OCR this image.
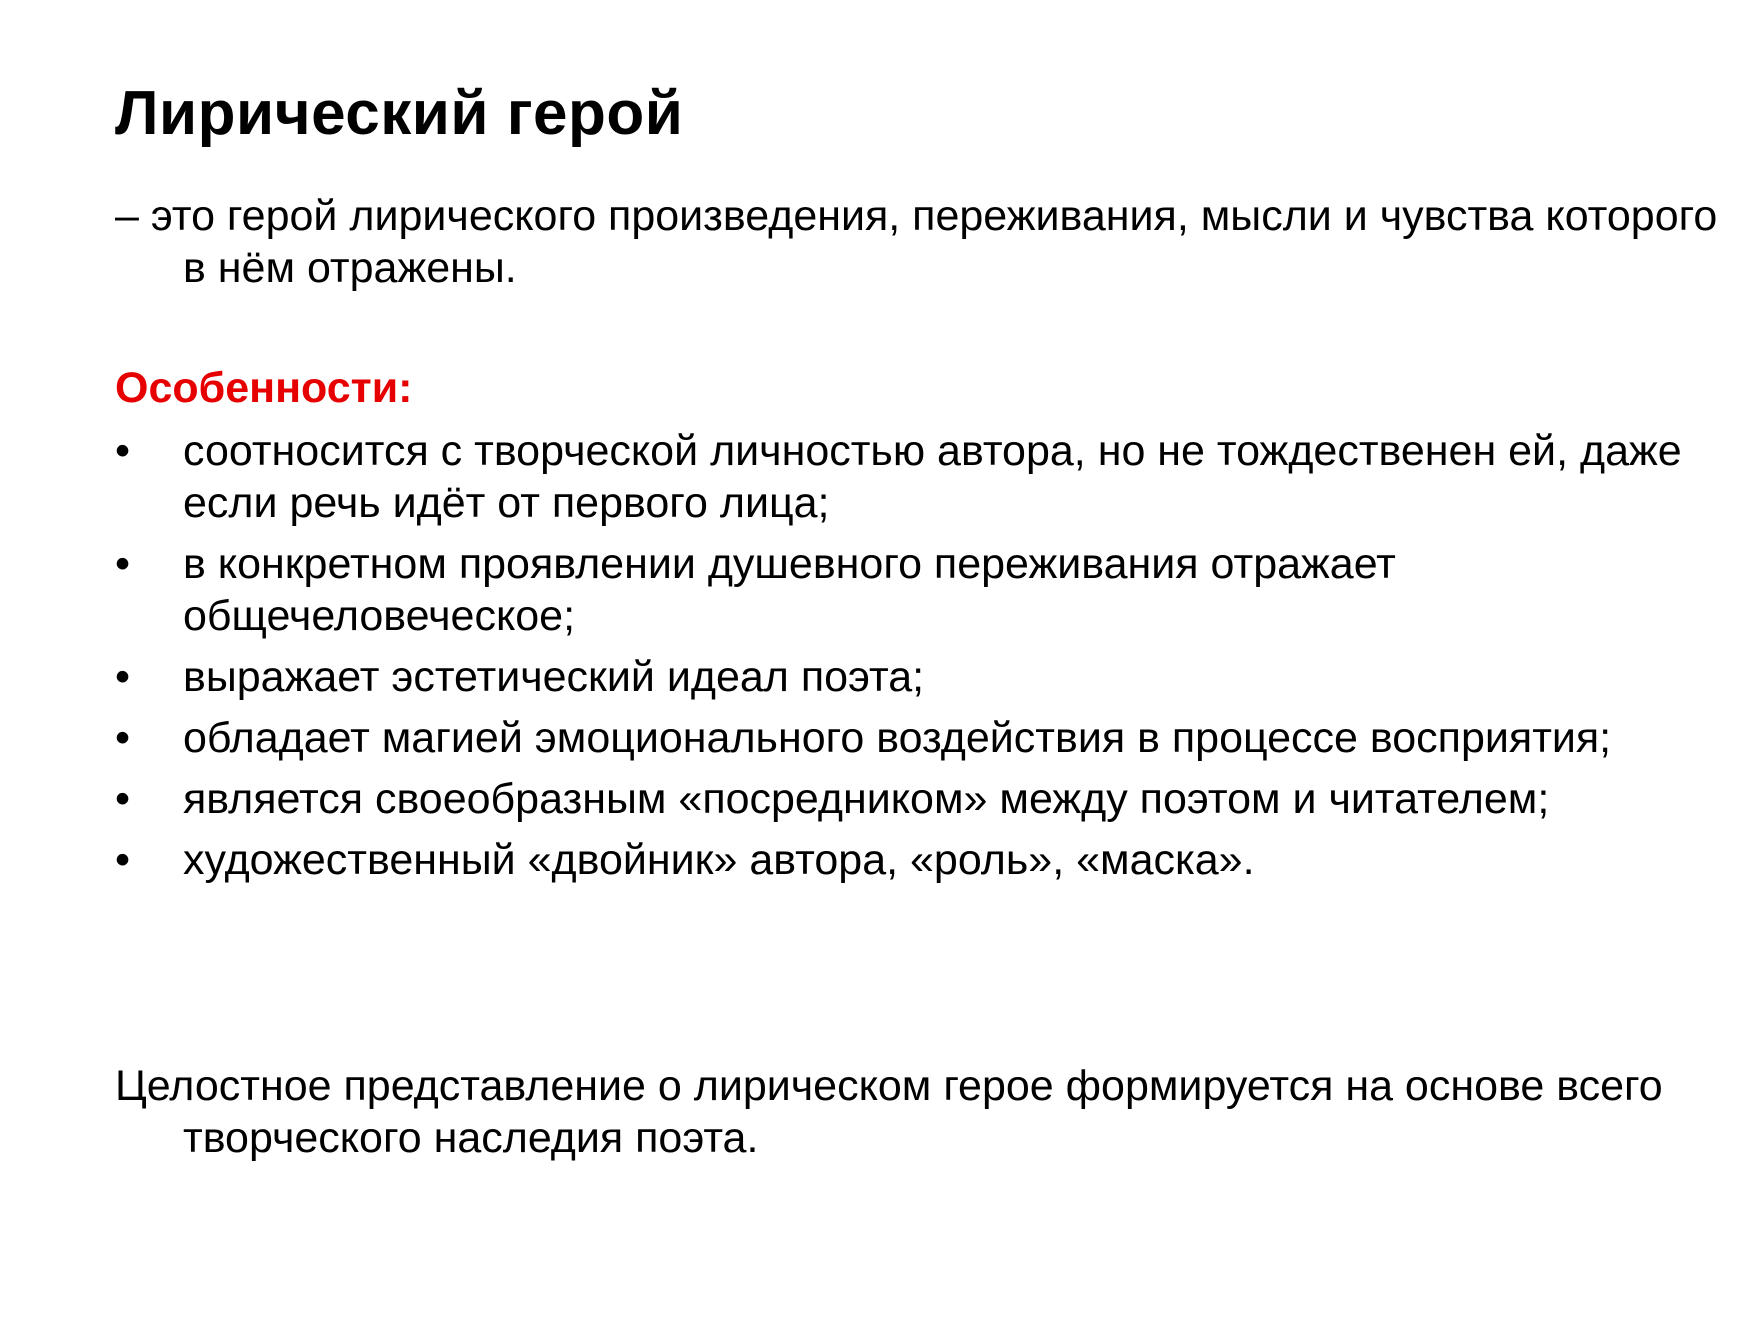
Лирический герой

– это герой лирического произведения, переживания, мысли и чувства которого в нём отражены.

Особенности:

•	соотносится с творческой личностью автора, но не тождественен ей, даже если речь идёт от первого лица;
•	в конкретном проявлении душевного переживания отражает общечеловеческое;
•	выражает эстетический идеал поэта;
•	обладает магией эмоционального воздействия в процессе восприятия;
•	является своеобразным «посредником» между поэтом и читателем;
•	художественный «двойник» автора, «роль», «маска».

Целостное представление о лирическом герое формируется на основе всего творческого наследия поэта.
